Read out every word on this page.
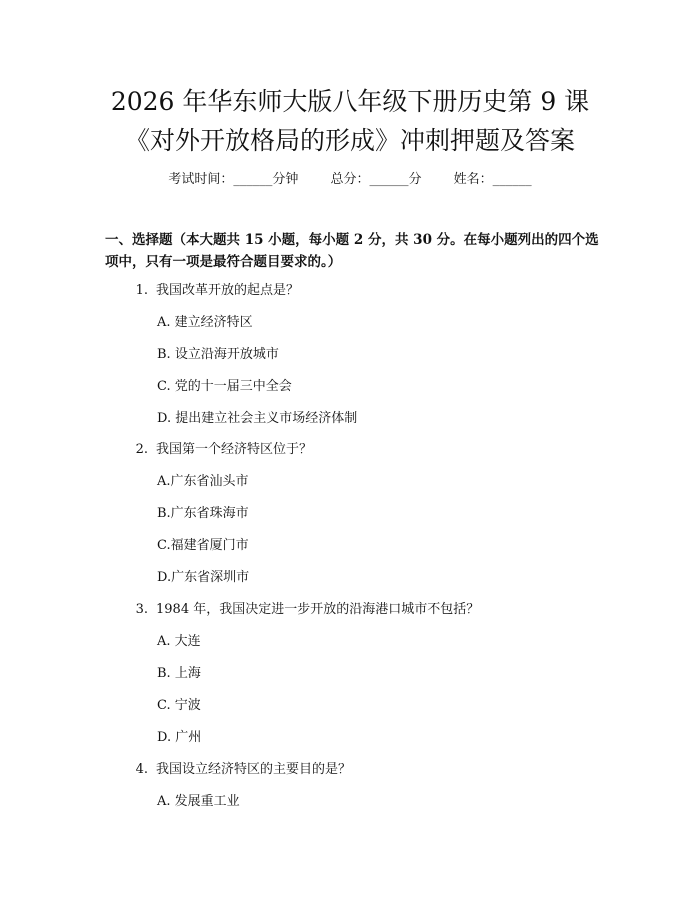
2026 年华东师大版八年级下册历史第 9 课
《对外开放格局的形成》冲刺押题及答案
考试时间：______分钟 总分：______分 姓名：______
一、选择题（本大题共 15 小题，每小题 2 分，共 30 分。在每小题列出的四个选
项中，只有一项是最符合题目要求的。）
1. 我国改革开放的起点是？
A. 建立经济特区
B. 设立沿海开放城市
C. 党的十一届三中全会
D. 提出建立社会主义市场经济体制
2. 我国第一个经济特区位于？
A.广东省汕头市
B.广东省珠海市
C.福建省厦门市
D.广东省深圳市
3. 1984 年，我国决定进一步开放的沿海港口城市不包括？
A. 大连
B. 上海
C. 宁波
D. 广州
4. 我国设立经济特区的主要目的是？
A. 发展重工业
